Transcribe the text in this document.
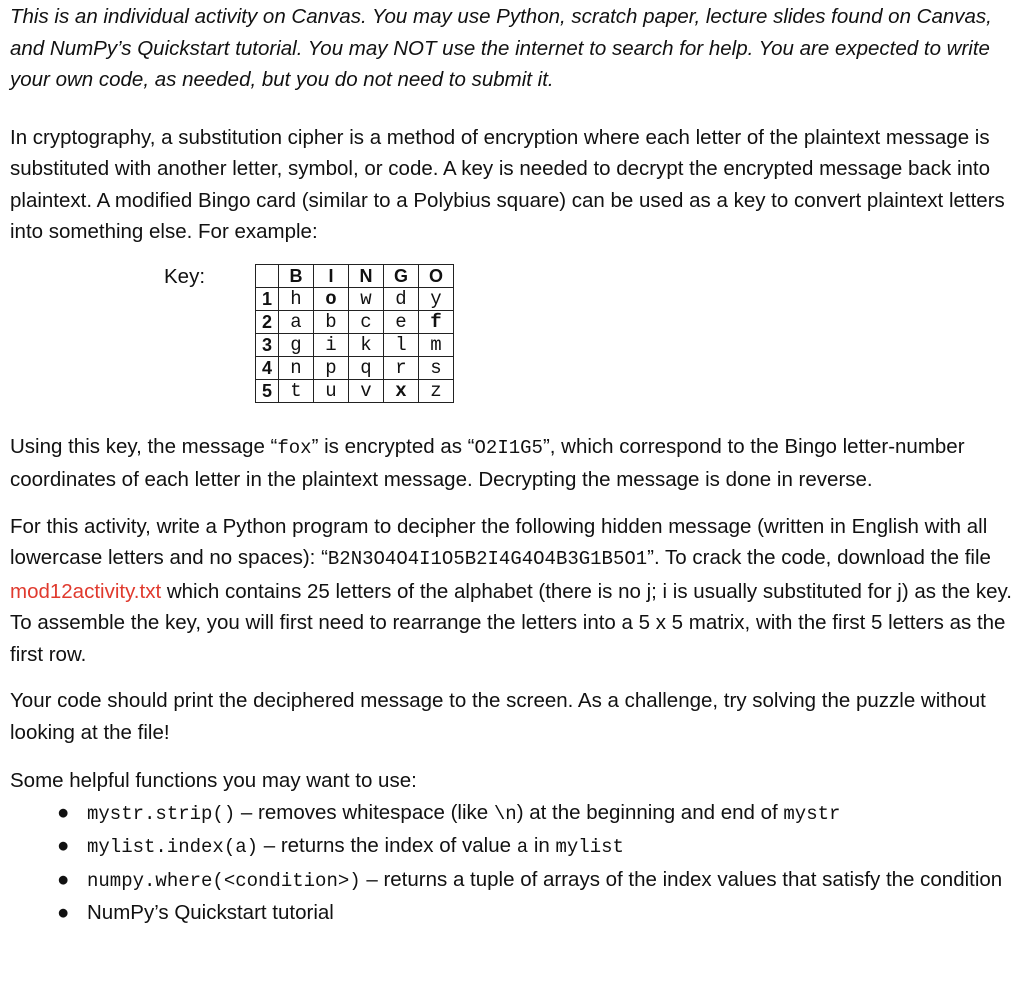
This is an individual activity on Canvas. You may use Python, scratch paper, lecture slides found on Canvas, and NumPy’s Quickstart tutorial. You may NOT use the internet to search for help. You are expected to write your own code, as needed, but you do not need to submit it.

In cryptography, a substitution cipher is a method of encryption where each letter of the plaintext message is substituted with another letter, symbol, or code. A key is needed to decrypt the encrypted message back into plaintext. A modified Bingo card (similar to a Polybius square) can be used as a key to convert plaintext letters into something else. For example:

Key:
		B	I	N	G	O
1	h	o	w	d	y
2	a	b	c	e	f
3	g	i	k	l	m
4	n	p	q	r	s
5	t	u	v	x	z

Using this key, the message “fox” is encrypted as “O2I1G5”, which correspond to the Bingo letter-number coordinates of each letter in the plaintext message. Decrypting the message is done in reverse.

For this activity, write a Python program to decipher the following hidden message (written in English with all lowercase letters and no spaces): “B2N3O4O4I1O5B2I4G4O4B3G1B5O1”. To crack the code, download the file mod12activity.txt which contains 25 letters of the alphabet (there is no j; i is usually substituted for j) as the key. To assemble the key, you will first need to rearrange the letters into a 5 x 5 matrix, with the first 5 letters as the first row.

Your code should print the deciphered message to the screen. As a challenge, try solving the puzzle without looking at the file!

Some helpful functions you may want to use:

● mystr.strip() – removes whitespace (like \n) at the beginning and end of mystr
● mylist.index(a) – returns the index of value a in mylist
● numpy.where(<condition>) – returns a tuple of arrays of the index values that satisfy the condition
● NumPy’s Quickstart tutorial
